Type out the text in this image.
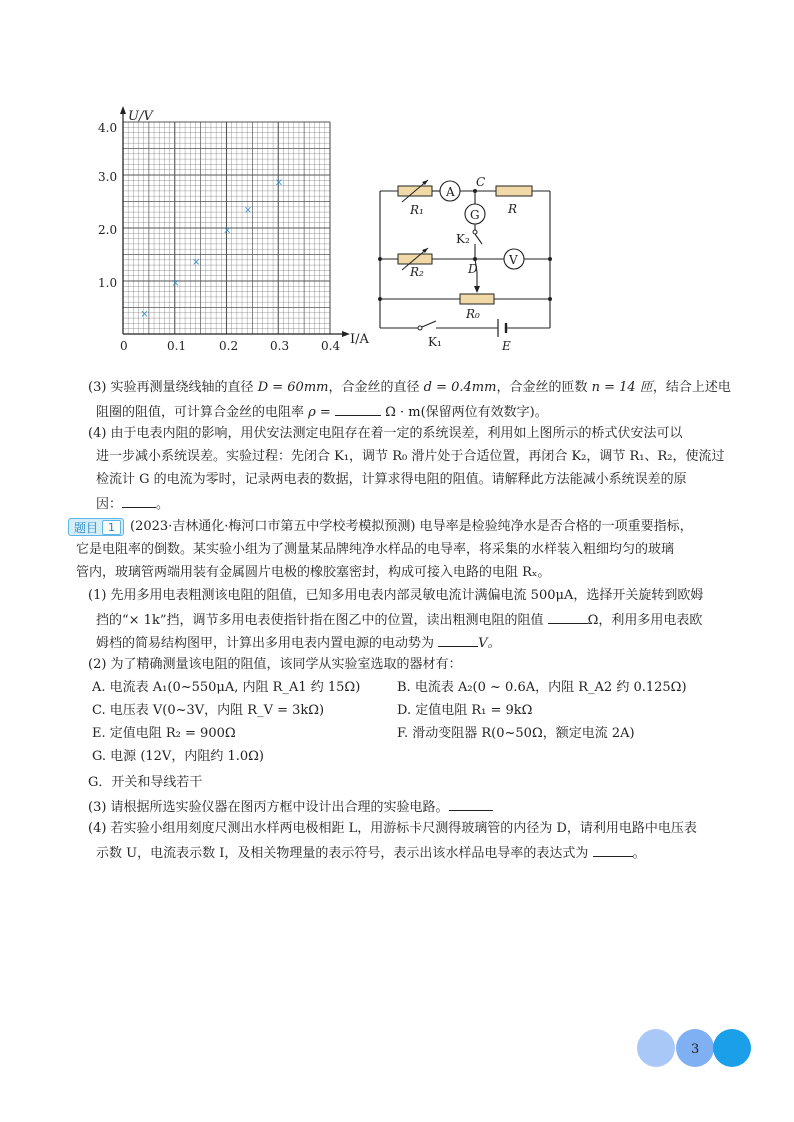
U/V
I/A
0	0.1	0.2	0.3	0.4
1.0
2.0
3.0
4.0
×
×
×
×
×
×
A
G
V
C
R
R₁
K₂
R₂	D
R₀
K₁	E
(3) 实验再测量绕线轴的直径 D = 60mm，合金丝的直径 d = 0.4mm，合金丝的匝数 n = 14 匝，结合上述电
阻圈的阻值，可计算合金丝的电阻率 ρ =	Ω · m(保留两位有效数字)。
(4) 由于电表内阻的影响，用伏安法测定电阻存在着一定的系统误差，利用如上图所示的桥式伏安法可以
进一步减小系统误差。实验过程：先闭合 K₁，调节 R₀ 滑片处于合适位置，再闭合 K₂，调节 R₁、R₂，使流过
检流计 G 的电流为零时，记录两电表的数据，计算求得电阻的阻值。请解释此方法能减小系统误差的原
因：	。
题目 1	(2023·吉林通化·梅河口市第五中学校考模拟预测) 电导率是检验纯净水是否合格的一项重要指标，
它是电阻率的倒数。某实验小组为了测量某品牌纯净水样品的电导率，将采集的水样装入粗细均匀的玻璃
管内，玻璃管两端用装有金属圆片电极的橡胶塞密封，构成可接入电路的电阻 Rₓ。
(1) 先用多用电表粗测该电阻的阻值，已知多用电表内部灵敏电流计满偏电流 500μA，选择开关旋转到欧姆
挡的“× 1k”挡，调节多用电表使指针指在图乙中的位置，读出粗测电阻的阻值	Ω，利用多用电表欧
姆档的简易结构图甲，计算出多用电表内置电源的电动势为	V。
(2) 为了精确测量该电阻的阻值，该同学从实验室选取的器材有：
A. 电流表 A₁(0~550μA, 内阻 R_A1 约 15Ω)	B. 电流表 A₂(0 ~ 0.6A，内阻 R_A2 约 0.125Ω)
C. 电压表 V(0~3V，内阻 R_V = 3kΩ)	D. 定值电阻 R₁ = 9kΩ
E. 定值电阻 R₂ = 900Ω	F. 滑动变阻器 R(0~50Ω，额定电流 2A)
G. 电源 (12V，内阻约 1.0Ω)
G．开关和导线若干
(3) 请根据所选实验仪器在图丙方框中设计出合理的实验电路。
(4) 若实验小组用刻度尺测出水样两电极相距 L，用游标卡尺测得玻璃管的内径为 D，请利用电路中电压表
示数 U，电流表示数 I，及相关物理量的表示符号，表示出该水样品电导率的表达式为	。
3
